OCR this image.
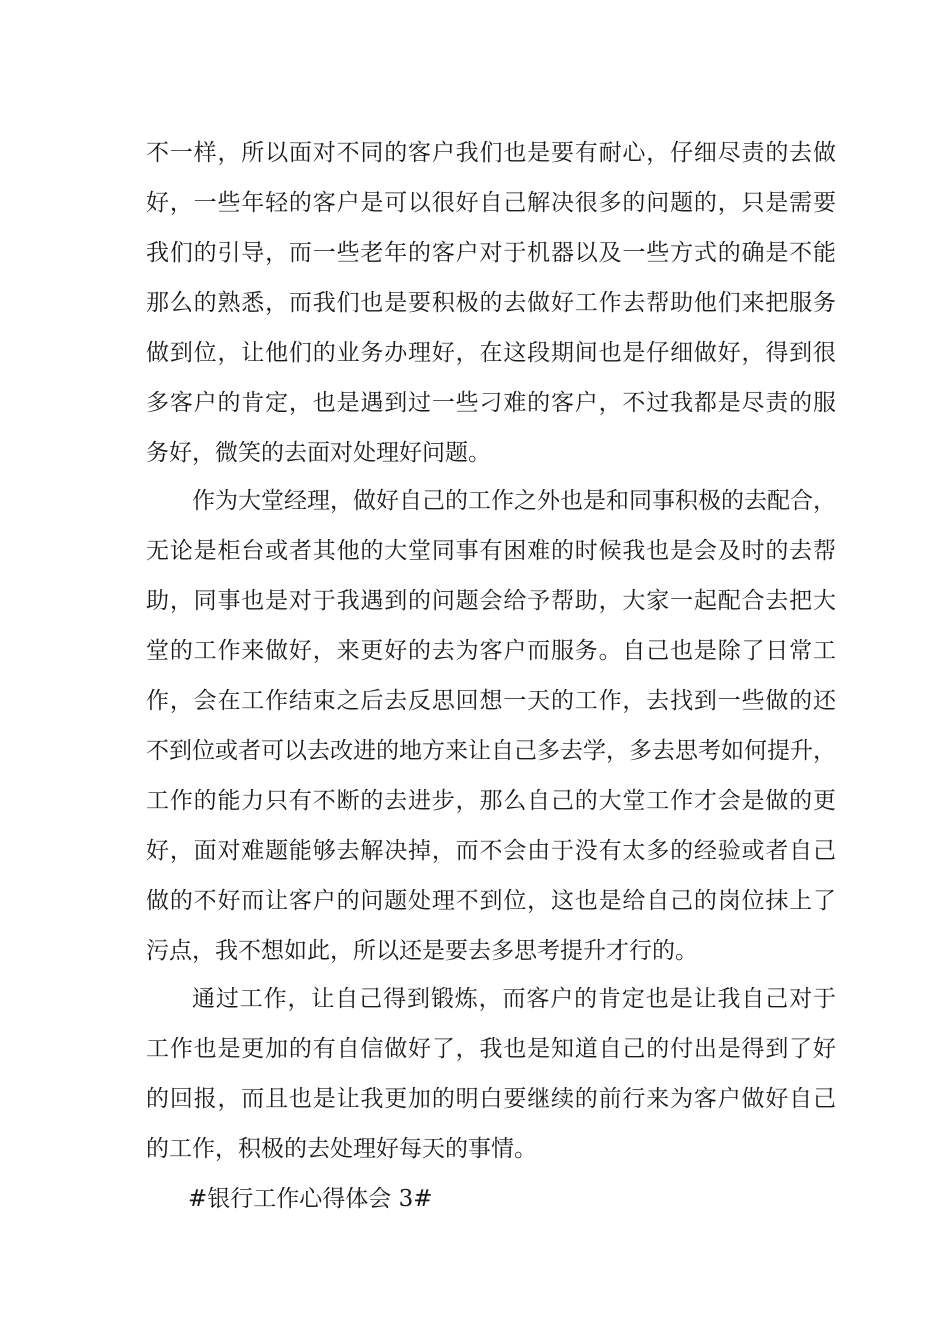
不一样，所以面对不同的客户我们也是要有耐心，仔细尽责的去做
好，一些年轻的客户是可以很好自己解决很多的问题的，只是需要
我们的引导，而一些老年的客户对于机器以及一些方式的确是不能
那么的熟悉，而我们也是要积极的去做好工作去帮助他们来把服务
做到位，让他们的业务办理好，在这段期间也是仔细做好，得到很
多客户的肯定，也是遇到过一些刁难的客户，不过我都是尽责的服
务好，微笑的去面对处理好问题。
作为大堂经理，做好自己的工作之外也是和同事积极的去配合，
无论是柜台或者其他的大堂同事有困难的时候我也是会及时的去帮
助，同事也是对于我遇到的问题会给予帮助，大家一起配合去把大
堂的工作来做好，来更好的去为客户而服务。自己也是除了日常工
作，会在工作结束之后去反思回想一天的工作，去找到一些做的还
不到位或者可以去改进的地方来让自己多去学，多去思考如何提升，
工作的能力只有不断的去进步，那么自己的大堂工作才会是做的更
好，面对难题能够去解决掉，而不会由于没有太多的经验或者自己
做的不好而让客户的问题处理不到位，这也是给自己的岗位抹上了
污点，我不想如此，所以还是要去多思考提升才行的。
通过工作，让自己得到锻炼，而客户的肯定也是让我自己对于
工作也是更加的有自信做好了，我也是知道自己的付出是得到了好
的回报，而且也是让我更加的明白要继续的前行来为客户做好自己
的工作，积极的去处理好每天的事情。
#银行工作心得体会 3#
